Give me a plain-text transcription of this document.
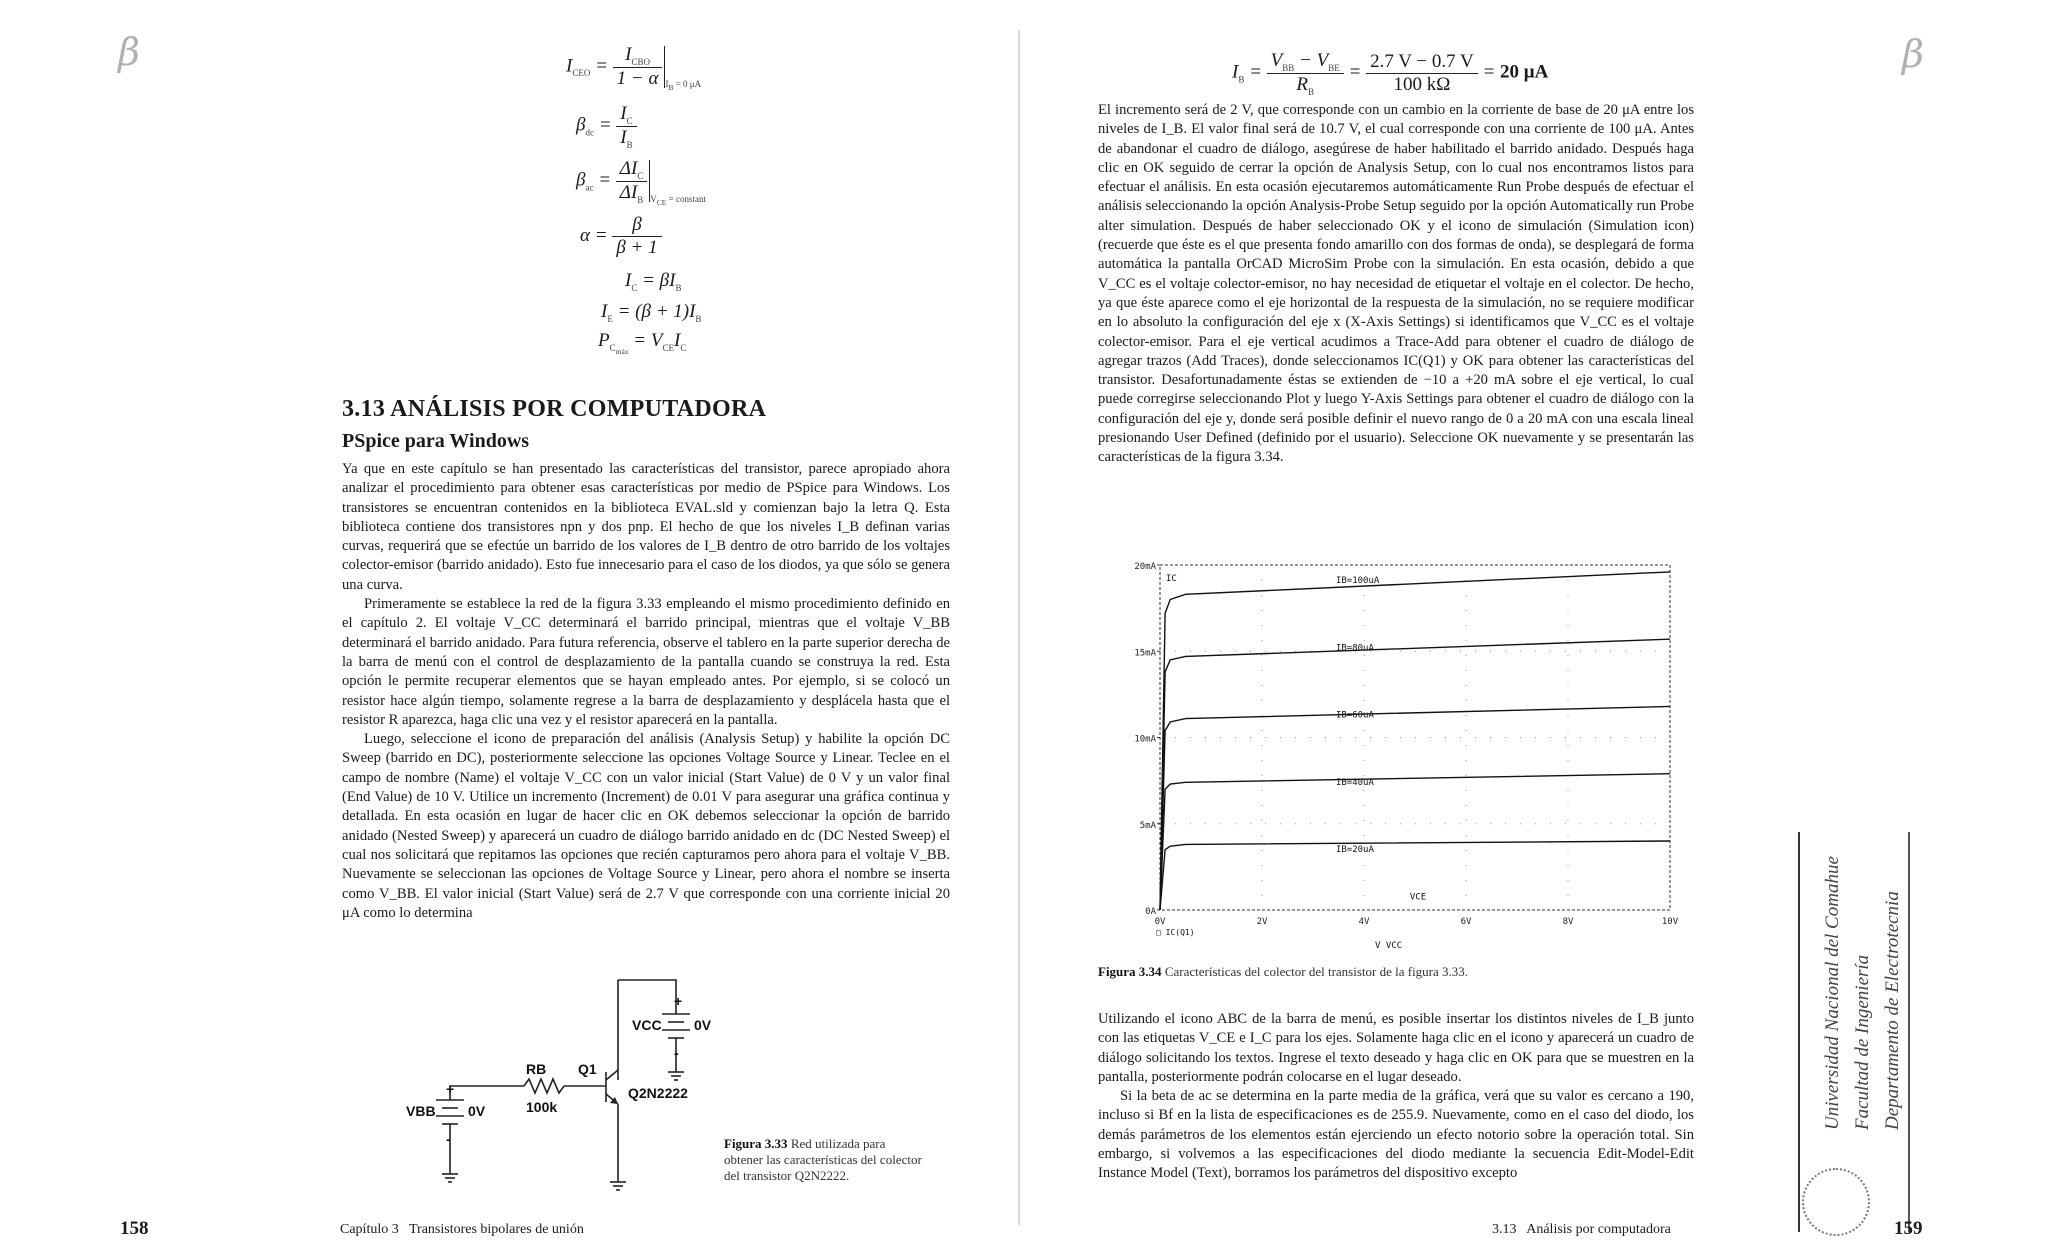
β	β
$I_{CEO} = \frac{I_{CBO}}{1 - \alpha} _{I_B = 0 \mu A}$
$\beta_{dc} = \frac{I_C}{I_B}$
$\beta_{ac} = \frac{\Delta I_C}{\Delta I_B} _{V_{CE} = constant}$
$\alpha = \frac{\beta}{\beta + 1}$
$I_C = \beta I_B$
$I_E = (\beta + 1)I_B$
$P_{C_{máx}} = V_{CE}I_C$
3.13 ANÁLISIS POR COMPUTADORA
PSpice para Windows

Ya que en este capítulo se han presentado las características del transistor, parece apropiado ahora analizar el procedimiento para obtener esas características por medio de PSpice para Windows. Los transistores se encuentran contenidos en la biblioteca EVAL.sld y comienzan bajo la letra Q. Esta biblioteca contiene dos transistores npn y dos pnp. El hecho de que los niveles I_B definan varias curvas, requerirá que se efectúe un barrido de los valores de I_B dentro de otro barrido de los voltajes colector-emisor (barrido anidado). Esto fue innecesario para el caso de los diodos, ya que sólo se genera una curva.

Primeramente se establece la red de la figura 3.33 empleando el mismo procedimiento definido en el capítulo 2. El voltaje V_CC determinará el barrido principal, mientras que el voltaje V_BB determinará el barrido anidado. Para futura referencia, observe el tablero en la parte superior derecha de la barra de menú con el control de desplazamiento de la pantalla cuando se construya la red. Esta opción le permite recuperar elementos que se hayan empleado antes. Por ejemplo, si se colocó un resistor hace algún tiempo, solamente regrese a la barra de desplazamiento y desplácela hasta que el resistor R aparezca, haga clic una vez y el resistor aparecerá en la pantalla.

Luego, seleccione el icono de preparación del análisis (Analysis Setup) y habilite la opción DC Sweep (barrido en DC), posteriormente seleccione las opciones Voltage Source y Linear. Teclee en el campo de nombre (Name) el voltaje V_CC con un valor inicial (Start Value) de 0 V y un valor final (End Value) de 10 V. Utilice un incremento (Increment) de 0.01 V para asegurar una gráfica continua y detallada. En esta ocasión en lugar de hacer clic en OK debemos seleccionar la opción de barrido anidado (Nested Sweep) y aparecerá un cuadro de diálogo barrido anidado en dc (DC Nested Sweep) el cual nos solicitará que repitamos las opciones que recién capturamos pero ahora para el voltaje V_BB. Nuevamente se seleccionan las opciones de Voltage Source y Linear, pero ahora el nombre se inserta como V_BB. El valor inicial (Start Value) será de 2.7 V que corresponde con una corriente inicial 20 μA como lo determina

VCC 0V
+
-
RB
100k
Q1
Q2N2222
VBB 0V
+
-	Figura 3.33 Red utilizada para obtener las características del colector del transistor Q2N2222.
$I_B = \frac{V_{BB} - V_{BE}}{R_B} = \frac{2.7 V - 0.7 V}{100 k\Omega} = 20$ μA

El incremento será de 2 V, que corresponde con un cambio en la corriente de base de 20 μA entre los niveles de I_B. El valor final será de 10.7 V, el cual corresponde con una corriente de 100 μA. Antes de abandonar el cuadro de diálogo, asegúrese de haber habilitado el barrido anidado. Después haga clic en OK seguido de cerrar la opción de Analysis Setup, con lo cual nos encontramos listos para efectuar el análisis. En esta ocasión ejecutaremos automáticamente Run Probe después de efectuar el análisis seleccionando la opción Analysis-Probe Setup seguido por la opción Automatically run Probe alter simulation. Después de haber seleccionado OK y el icono de simulación (Simulation icon) (recuerde que éste es el que presenta fondo amarillo con dos formas de onda), se desplegará de forma automática la pantalla OrCAD MicroSim Probe con la simulación. En esta ocasión, debido a que V_CC es el voltaje colector-emisor, no hay necesidad de etiquetar el voltaje en el colector. De hecho, ya que éste aparece como el eje horizontal de la respuesta de la simulación, no se requiere modificar en lo absoluto la configuración del eje x (X-Axis Settings) si identificamos que V_CC es el voltaje colector-emisor. Para el eje vertical acudimos a Trace-Add para obtener el cuadro de diálogo de agregar trazos (Add Traces), donde seleccionamos IC(Q1) y OK para obtener las características del transistor. Desafortunadamente éstas se extienden de −10 a +20 mA sobre el eje vertical, lo cual puede corregirse seleccionando Plot y luego Y-Axis Settings para obtener el cuadro de diálogo con la configuración del eje y, donde será posible definir el nuevo rango de 0 a 20 mA con una escala lineal presionando User Defined (definido por el usuario). Seleccione OK nuevamente y se presentarán las características de la figura 3.34.

20mA
15mA
10mA
5mA
0A
0V	2V	4V	6V	8V	10V
IB=100uA
IB=80uA
IB=60uA
IB=40uA
IB=20uA
IC
VCE
□ IC(Q1)
V VCC
Figura 3.34 Características del colector del transistor de la figura 3.33.

Utilizando el icono ABC de la barra de menú, es posible insertar los distintos niveles de I_B junto con las etiquetas V_CE e I_C para los ejes. Solamente haga clic en el icono y aparecerá un cuadro de diálogo solicitando los textos. Ingrese el texto deseado y haga clic en OK para que se muestren en la pantalla, posteriormente podrán colocarse en el lugar deseado.

Si la beta de ac se determina en la parte media de la gráfica, verá que su valor es cercano a 190, incluso si Bf en la lista de especificaciones es de 255.9. Nuevamente, como en el caso del diodo, los demás parámetros de los elementos están ejerciendo un efecto notorio sobre la operación total. Sin embargo, si volvemos a las especificaciones del diodo mediante la secuencia Edit-Model-Edit Instance Model (Text), borramos los parámetros del dispositivo excepto

Universidad Nacional del Comahue Facultad de Ingeniería Departamento de Electrotecnia
158	Capítulo 3   Transistores bipolares de unión	3.13   Análisis por computadora	159
